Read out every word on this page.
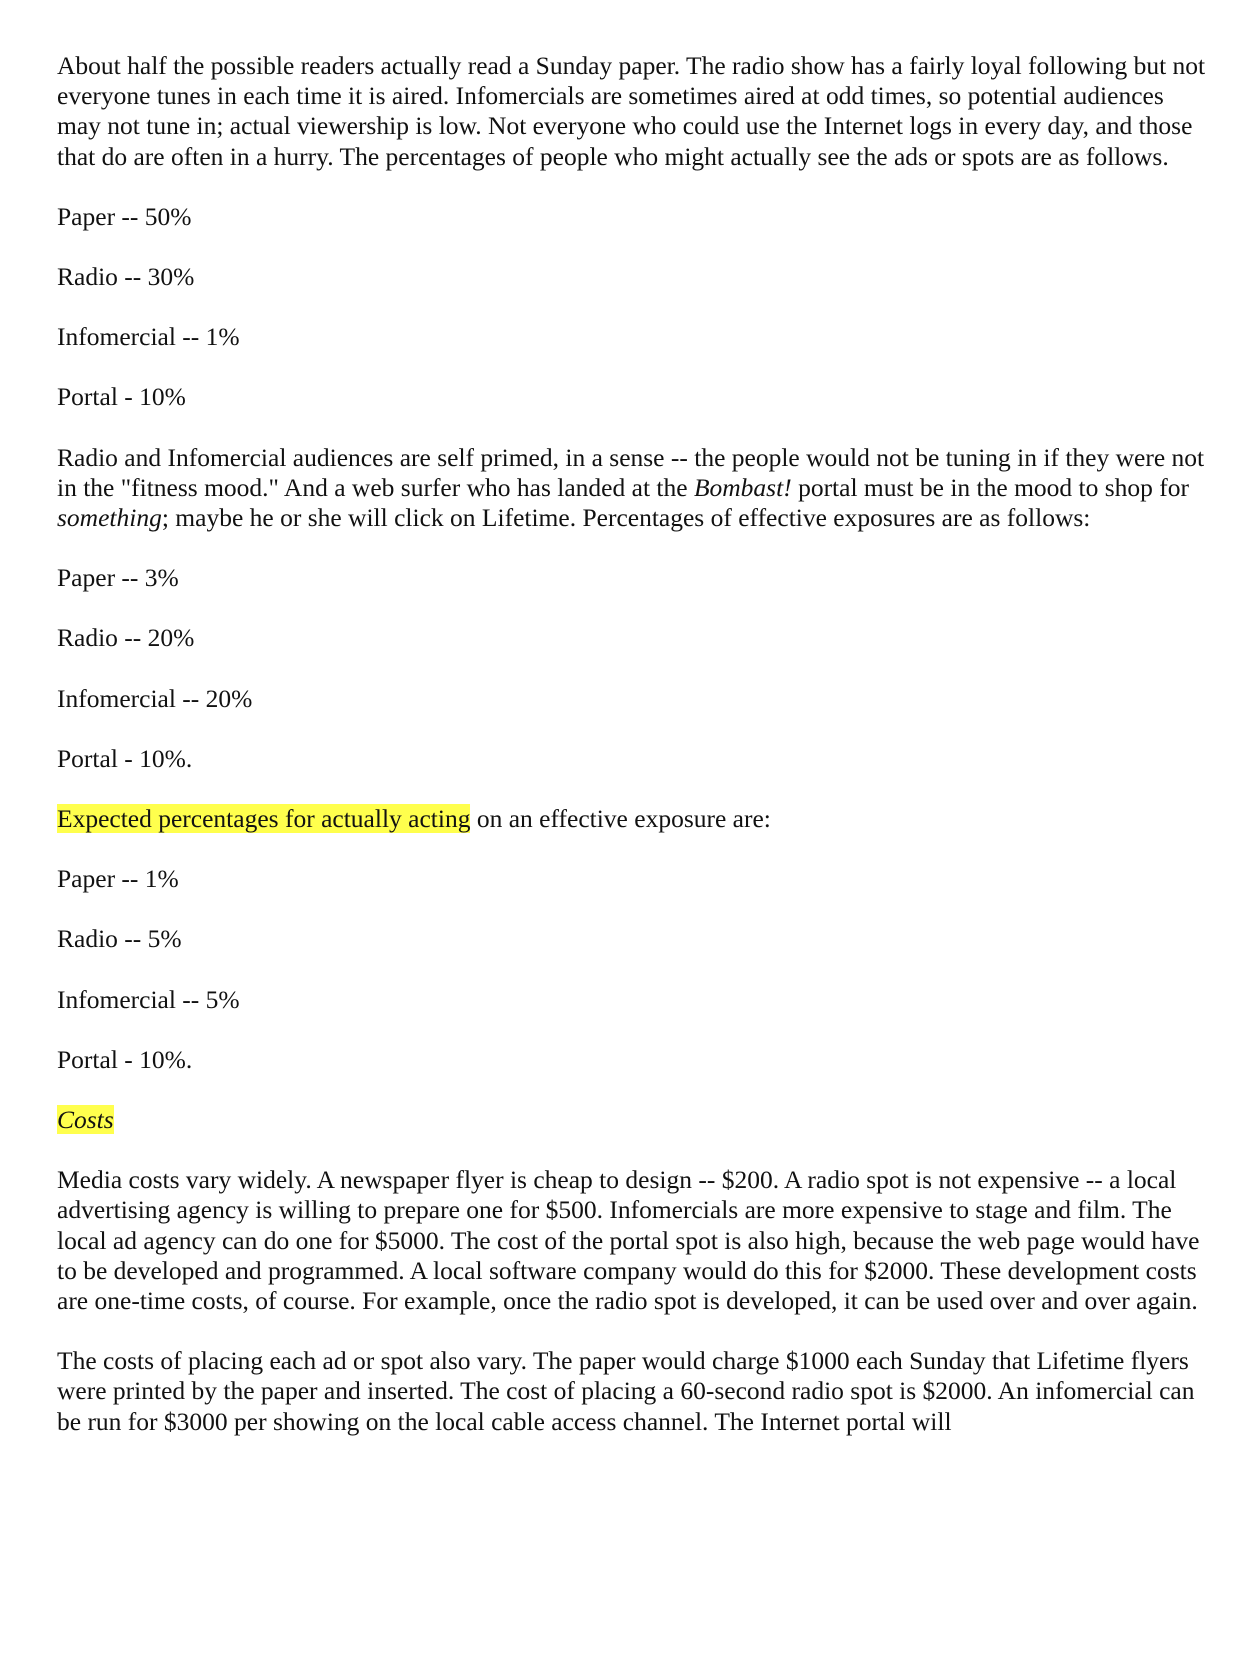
About half the possible readers actually read a Sunday paper. The radio show has a fairly loyal following but not everyone tunes in each time it is aired. Infomercials are sometimes aired at odd times, so potential audiences may not tune in; actual viewership is low. Not everyone who could use the Internet logs in every day, and those that do are often in a hurry. The percentages of people who might actually see the ads or spots are as follows.

Paper -- 50%
Radio -- 30%
Infomercial -- 1%
Portal - 10%

Radio and Infomercial audiences are self primed, in a sense -- the people would not be tuning in if they were not in the "fitness mood." And a web surfer who has landed at the Bombast! portal must be in the mood to shop for something; maybe he or she will click on Lifetime. Percentages of effective exposures are as follows:

Paper -- 3%
Radio -- 20%
Infomercial -- 20%
Portal - 10%.

Expected percentages for actually acting on an effective exposure are:

Paper -- 1%
Radio -- 5%
Infomercial -- 5%
Portal - 10%.
Costs

Media costs vary widely. A newspaper flyer is cheap to design -- $200. A radio spot is not expensive -- a local advertising agency is willing to prepare one for $500. Infomercials are more expensive to stage and film. The local ad agency can do one for $5000. The cost of the portal spot is also high, because the web page would have to be developed and programmed. A local software company would do this for $2000. These development costs are one-time costs, of course. For example, once the radio spot is developed, it can be used over and over again.

The costs of placing each ad or spot also vary. The paper would charge $1000 each Sunday that Lifetime flyers were printed by the paper and inserted. The cost of placing a 60-second radio spot is $2000. An infomercial can be run for $3000 per showing on the local cable access channel. The Internet portal will
